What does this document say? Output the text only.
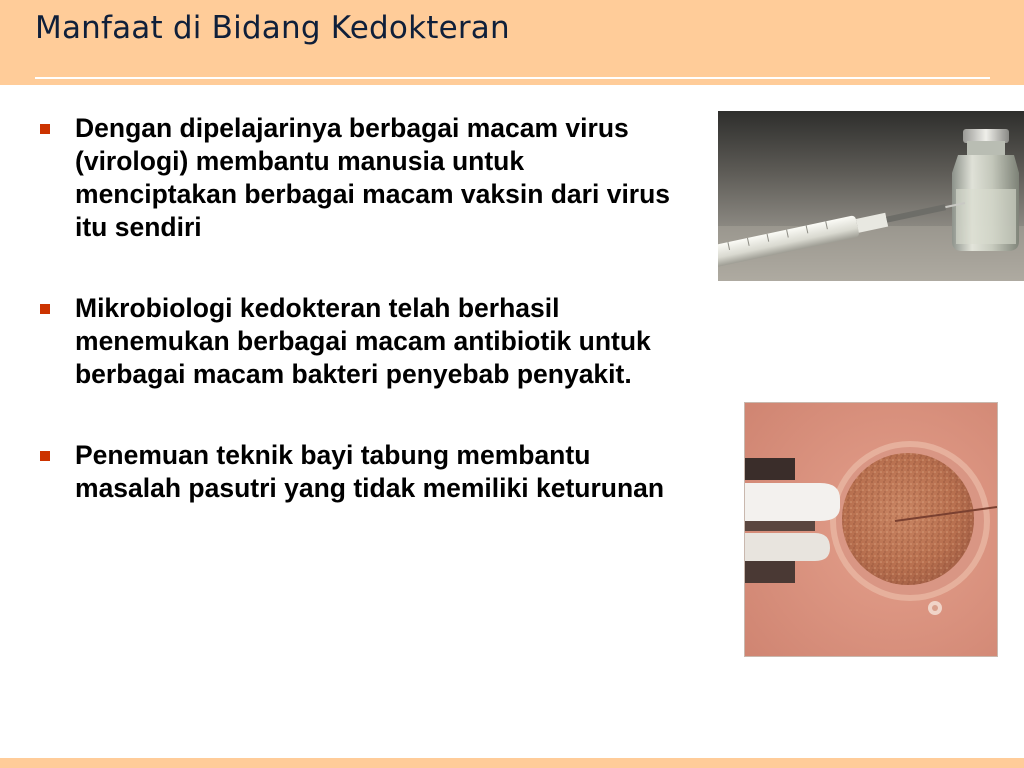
Manfaat di Bidang Kedokteran
Dengan dipelajarinya berbagai macam virus (virologi) membantu manusia untuk menciptakan berbagai macam vaksin dari virus itu sendiri
Mikrobiologi kedokteran telah berhasil menemukan berbagai macam antibiotik untuk berbagai macam bakteri penyebab penyakit.
Penemuan teknik bayi tabung membantu masalah pasutri yang tidak memiliki keturunan
